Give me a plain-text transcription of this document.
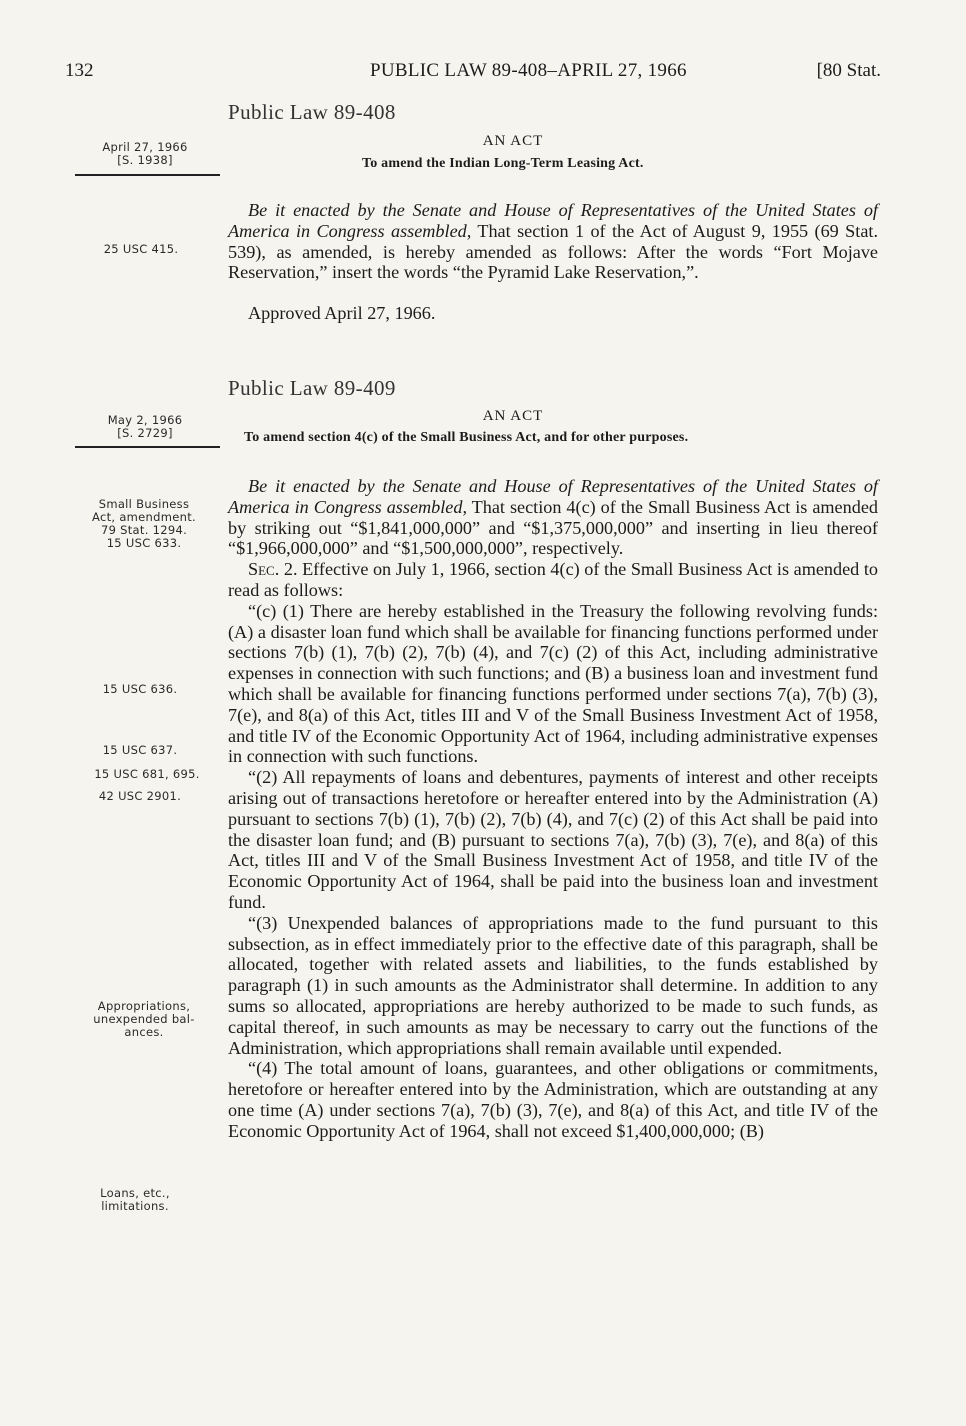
132	PUBLIC LAW 89-408–APRIL 27, 1966	[80 Stat.
Public Law 89-408
April 27, 1966
[S. 1938]
AN ACT
To amend the Indian Long-Term Leasing Act.
25 USC 415.

Be it enacted by the Senate and House of Representatives of the United States of America in Congress assembled, That section 1 of the Act of August 9, 1955 (69 Stat. 539), as amended, is hereby amended as follows: After the words “Fort Mojave Reservation,” insert the words “the Pyramid Lake Reservation,”.

Approved April 27, 1966.
Public Law 89-409
May 2, 1966
[S. 2729]
AN ACT
To amend section 4(c) of the Small Business Act, and for other purposes.
Small Business
Act, amendment.
79 Stat. 1294.
15 USC 633.
15 USC 636.
15 USC 637.
15 USC 681, 695.
42 USC 2901.
Appropriations,
unexpended bal-
ances.
Loans, etc.,
limitations.

Be it enacted by the Senate and House of Representatives of the United States of America in Congress assembled, That section 4(c) of the Small Business Act is amended by striking out “$1,841,000,000” and “$1,375,000,000” and inserting in lieu thereof “$1,966,000,000” and “$1,500,000,000”, respectively.

Sec. 2. Effective on July 1, 1966, section 4(c) of the Small Business Act is amended to read as follows:

“(c) (1) There are hereby established in the Treasury the following revolving funds: (A) a disaster loan fund which shall be available for financing functions performed under sections 7(b) (1), 7(b) (2), 7(b) (4), and 7(c) (2) of this Act, including administrative expenses in connection with such functions; and (B) a business loan and investment fund which shall be available for financing functions performed under sections 7(a), 7(b) (3), 7(e), and 8(a) of this Act, titles III and V of the Small Business Investment Act of 1958, and title IV of the Economic Opportunity Act of 1964, including administrative expenses in connection with such functions.

“(2) All repayments of loans and debentures, payments of interest and other receipts arising out of transactions heretofore or hereafter entered into by the Administration (A) pursuant to sections 7(b) (1), 7(b) (2), 7(b) (4), and 7(c) (2) of this Act shall be paid into the disaster loan fund; and (B) pursuant to sections 7(a), 7(b) (3), 7(e), and 8(a) of this Act, titles III and V of the Small Business Investment Act of 1958, and title IV of the Economic Opportunity Act of 1964, shall be paid into the business loan and investment fund.

“(3) Unexpended balances of appropriations made to the fund pursuant to this subsection, as in effect immediately prior to the effective date of this paragraph, shall be allocated, together with related assets and liabilities, to the funds established by paragraph (1) in such amounts as the Administrator shall determine. In addition to any sums so allocated, appropriations are hereby authorized to be made to such funds, as capital thereof, in such amounts as may be necessary to carry out the functions of the Administration, which appropriations shall remain available until expended.

“(4) The total amount of loans, guarantees, and other obligations or commitments, heretofore or hereafter entered into by the Administration, which are outstanding at any one time (A) under sections 7(a), 7(b) (3), 7(e), and 8(a) of this Act, and title IV of the Economic Opportunity Act of 1964, shall not exceed $1,400,000,000; (B)
